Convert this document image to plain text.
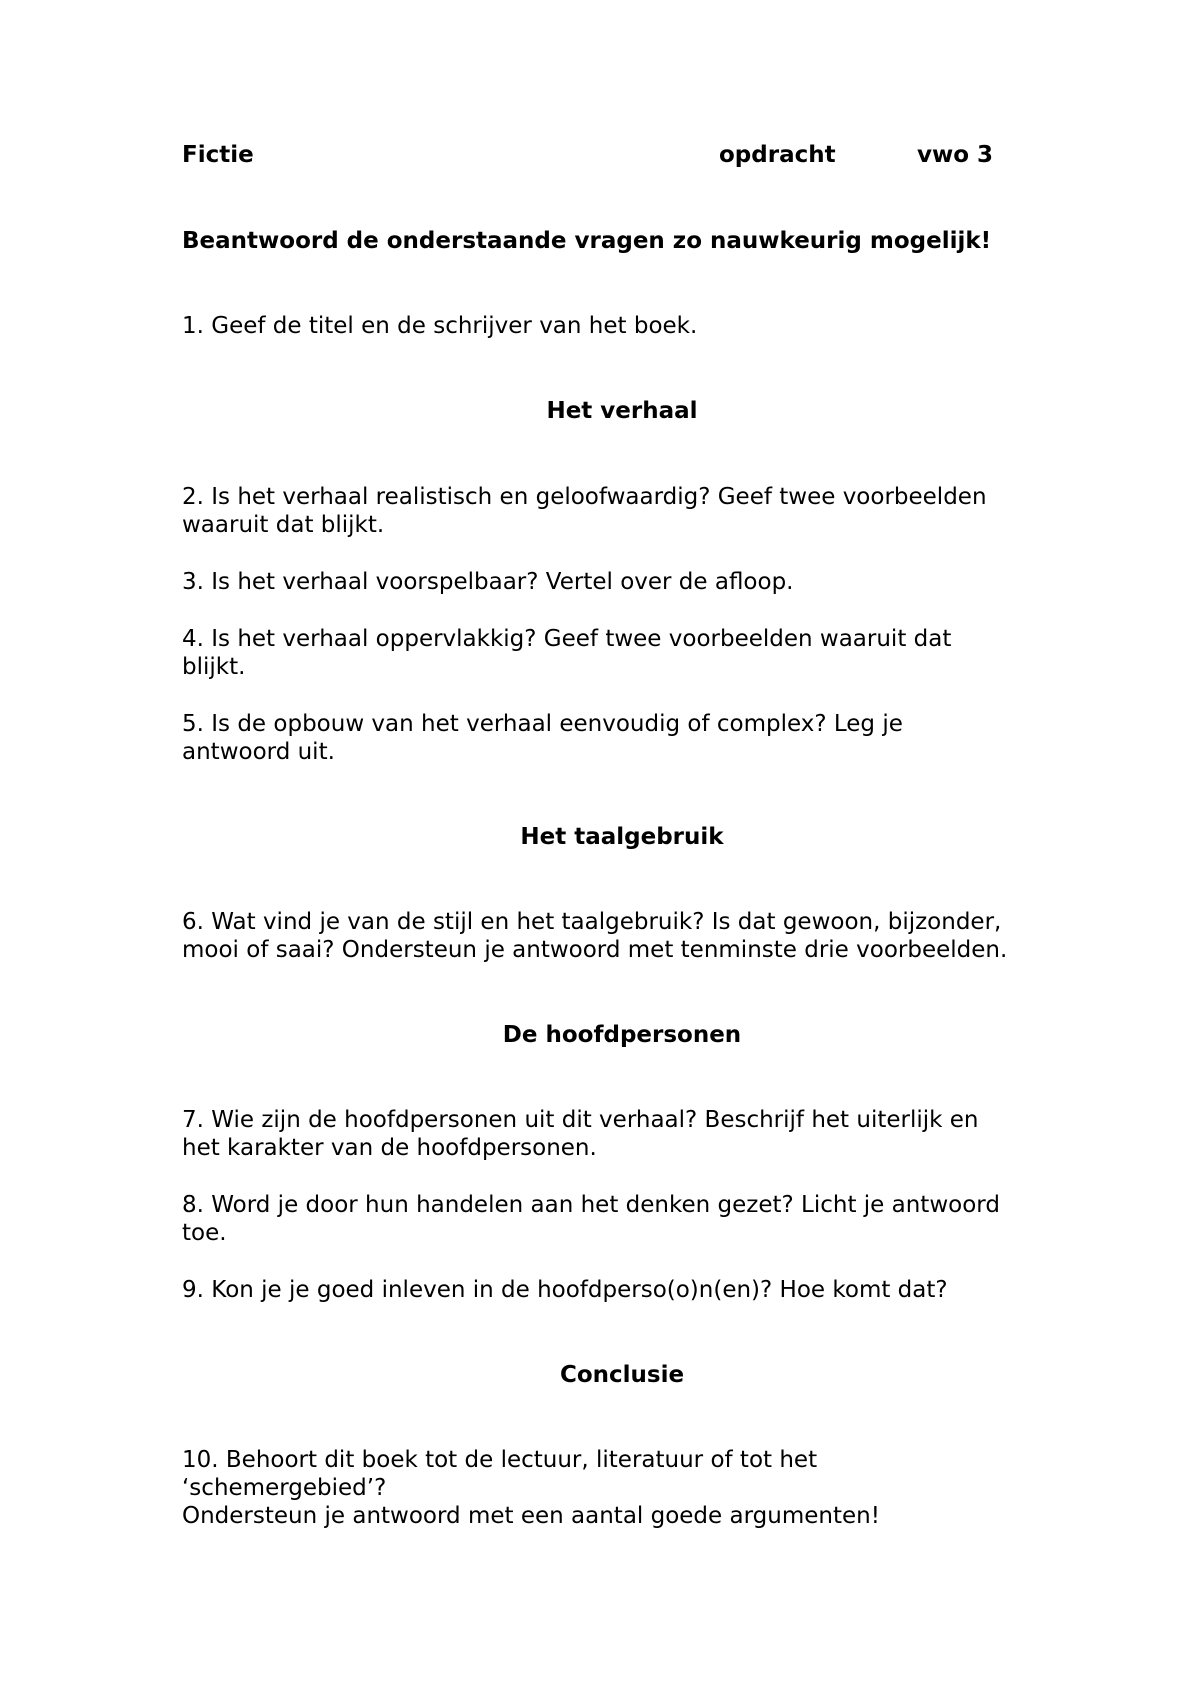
Fictie	opdracht	vwo 3
Beantwoord de onderstaande vragen zo nauwkeurig mogelijk!
1. Geef de titel en de schrijver van het boek.
Het verhaal
2. Is het verhaal realistisch en geloofwaardig? Geef twee voorbeelden
waaruit dat blijkt.
3. Is het verhaal voorspelbaar? Vertel over de afloop.
4. Is het verhaal oppervlakkig? Geef twee voorbeelden waaruit dat
blijkt.
5. Is de opbouw van het verhaal eenvoudig of complex? Leg je
antwoord uit.
Het taalgebruik
6. Wat vind je van de stijl en het taalgebruik? Is dat gewoon, bijzonder,
mooi of saai? Ondersteun je antwoord met tenminste drie voorbeelden.
De hoofdpersonen
7. Wie zijn de hoofdpersonen uit dit verhaal? Beschrijf het uiterlijk en
het karakter van de hoofdpersonen.
8. Word je door hun handelen aan het denken gezet? Licht je antwoord
toe.
9. Kon je je goed inleven in de hoofdperso(o)n(en)? Hoe komt dat?
Conclusie
10. Behoort dit boek tot de lectuur, literatuur of tot het
‘schemergebied’?
Ondersteun je antwoord met een aantal goede argumenten!
